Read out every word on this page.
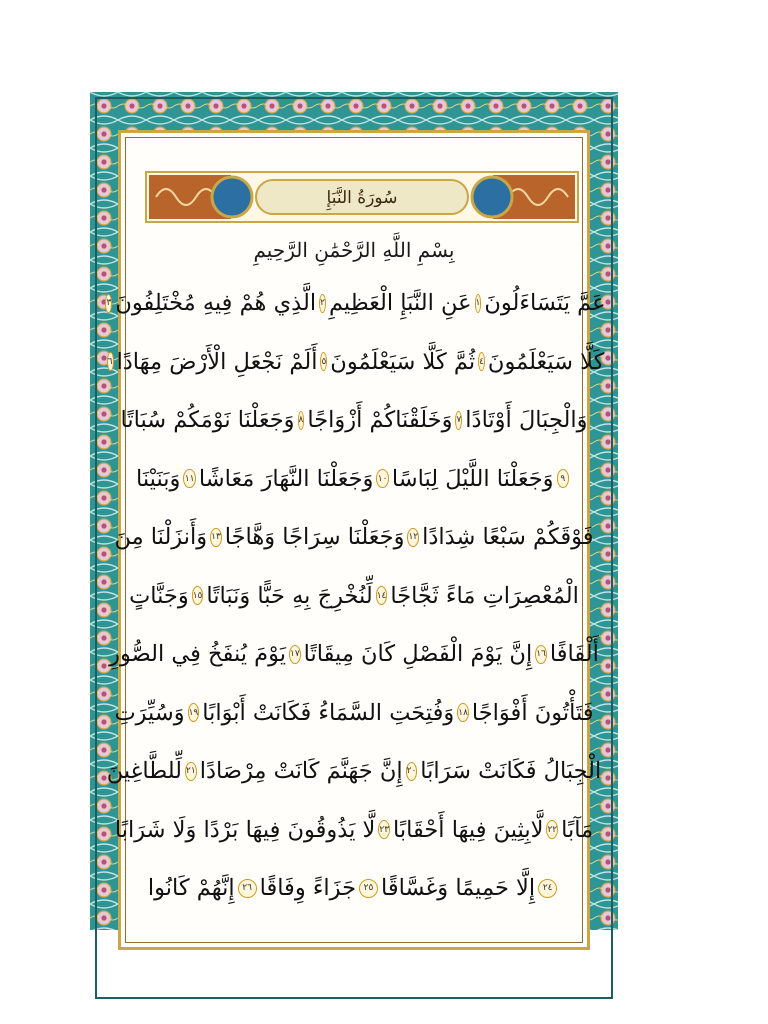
سُورَةُ النَّبَإِ
بِسْمِ اللَّهِ الرَّحْمَٰنِ الرَّحِيمِ
عَمَّ يَتَسَاءَلُونَ
١
عَنِ النَّبَإِ الْعَظِيمِ
٢
الَّذِي هُمْ فِيهِ مُخْتَلِفُونَ
٣
كَلَّا سَيَعْلَمُونَ
٤
ثُمَّ كَلَّا سَيَعْلَمُونَ
٥
أَلَمْ نَجْعَلِ الْأَرْضَ مِهَادًا
٦
وَالْجِبَالَ أَوْتَادًا
٧
وَخَلَقْنَاكُمْ أَزْوَاجًا
٨
وَجَعَلْنَا نَوْمَكُمْ سُبَاتًا
٩
وَجَعَلْنَا اللَّيْلَ لِبَاسًا
١٠
وَجَعَلْنَا النَّهَارَ مَعَاشًا
١١
وَبَنَيْنَا
فَوْقَكُمْ سَبْعًا شِدَادًا
١٢
وَجَعَلْنَا سِرَاجًا وَهَّاجًا
١٣
وَأَنزَلْنَا مِنَ
الْمُعْصِرَاتِ مَاءً ثَجَّاجًا
١٤
لِّنُخْرِجَ بِهِ حَبًّا وَنَبَاتًا
١٥
وَجَنَّاتٍ
أَلْفَافًا
١٦
إِنَّ يَوْمَ الْفَصْلِ كَانَ مِيقَاتًا
١٧
يَوْمَ يُنفَخُ فِي الصُّورِ
فَتَأْتُونَ أَفْوَاجًا
١٨
وَفُتِحَتِ السَّمَاءُ فَكَانَتْ أَبْوَابًا
١٩
وَسُيِّرَتِ
الْجِبَالُ فَكَانَتْ سَرَابًا
٢٠
إِنَّ جَهَنَّمَ كَانَتْ مِرْصَادًا
٢١
لِّلطَّاغِينَ
مَآبًا
٢٢
لَّابِثِينَ فِيهَا أَحْقَابًا
٢٣
لَّا يَذُوقُونَ فِيهَا بَرْدًا وَلَا شَرَابًا
٢٤
إِلَّا حَمِيمًا وَغَسَّاقًا
٢٥
جَزَاءً وِفَاقًا
٢٦
إِنَّهُمْ كَانُوا
